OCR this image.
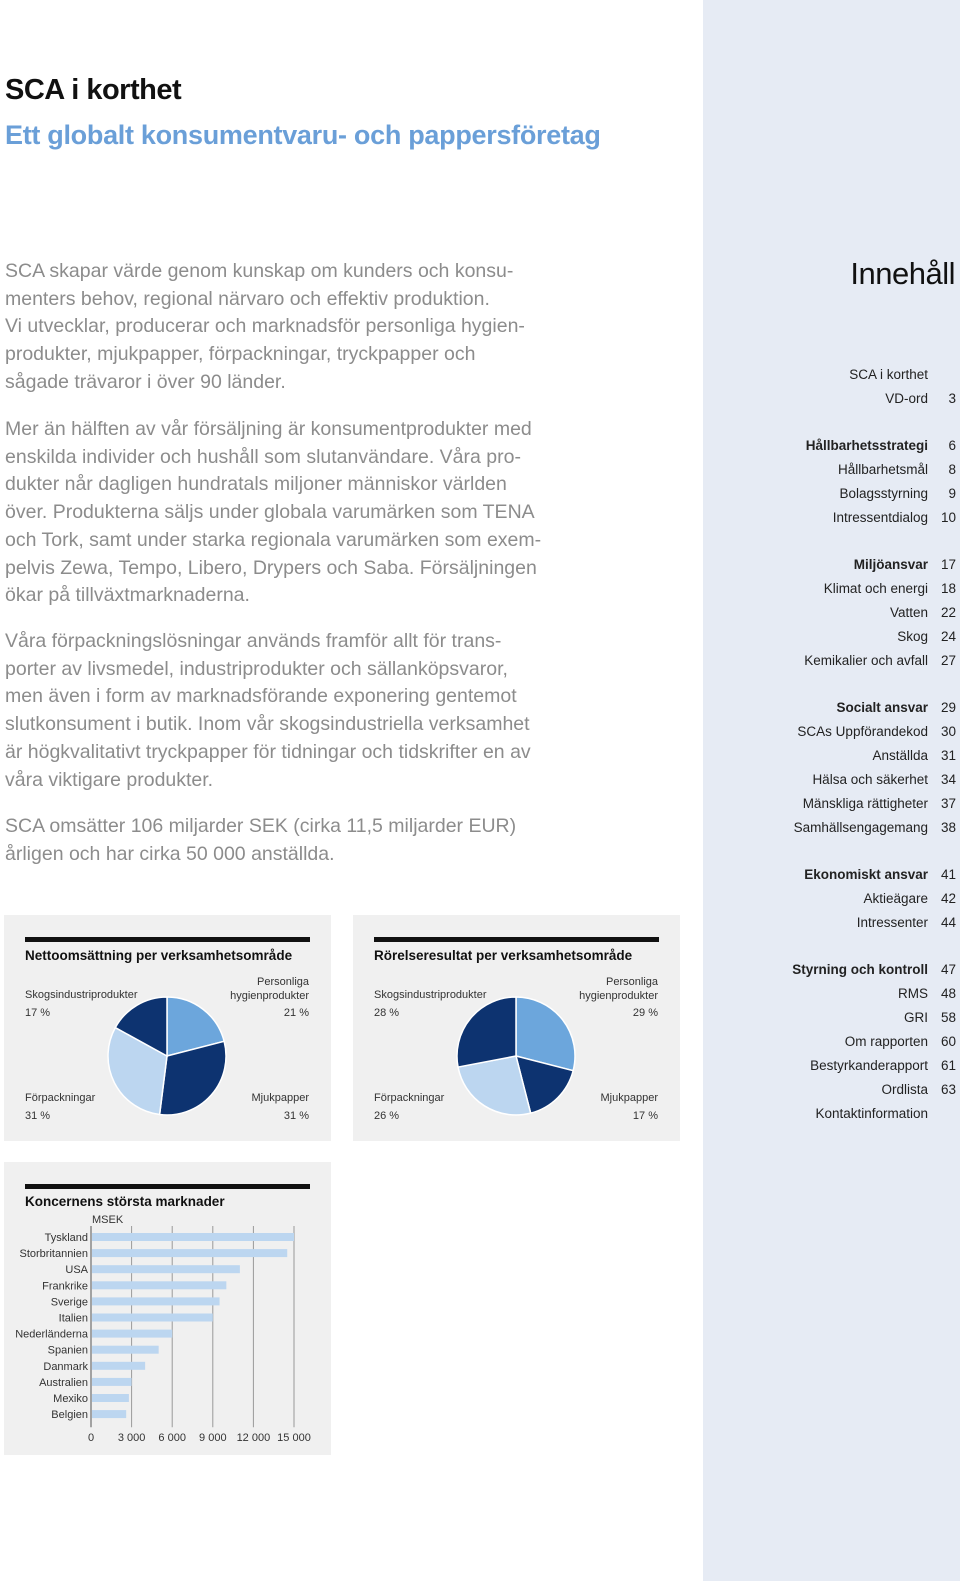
SCA i korthet
Ett globalt konsumentvaru- och pappersföretag

SCA skapar värde genom kunskap om kunders och konsu-

menters behov, regional närvaro och effektiv produktion.

Vi utvecklar, producerar och marknadsför personliga hygien-

produkter, mjukpapper, förpackningar, tryckpapper och

sågade trävaror i över 90 länder.

Mer än hälften av vår försäljning är konsumentprodukter med

enskilda individer och hushåll som slutanvändare. Våra pro-

dukter når dagligen hundratals miljoner människor världen

över. Produkterna säljs under globala varumärken som TENA

och Tork, samt under starka regionala varumärken som exem-

pelvis Zewa, Tempo, Libero, Drypers och Saba. Försäljningen

ökar på tillväxtmarknaderna.

Våra förpackningslösningar används framför allt för trans-

porter av livsmedel, industriprodukter och sällanköpsvaror,

men även i form av marknadsförande exponering gentemot

slutkonsument i butik. Inom vår skogsindustriella verksamhet

är högkvalitativt tryckpapper för tidningar och tidskrifter en av

våra viktigare produkter.

SCA omsätter 106 miljarder SEK (cirka 11,5 miljarder EUR)

årligen och har cirka 50 000 anställda.

Innehåll
SCA i korthet
VD-ord	3
Hållbarhetsstrategi	6
Hållbarhetsmål	8
Bolagsstyrning	9
Intressentdialog 10
Miljöansvar 17
Klimat och energi 18
Vatten 22
Skog 24
Kemikalier och avfall 27
Socialt ansvar 29
SCAs Uppförandekod 30
Anställda 31
Hälsa och säkerhet 34
Mänskliga rättigheter 37
Samhällsengagemang 38
Ekonomiskt ansvar 41
Aktieägare 42
Intressenter 44
Styrning och kontroll 47
RMS 48
GRI 58
Om rapporten 60
Bestyrkanderapport 61
Ordlista 63
Kontaktinformation
Nettoomsättning per verksamhetsområde
Skogsindustriprodukter
17 %
Personliga hygienprodukter
21 %
Förpackningar
31 %
Mjukpapper
31 %
Rörelseresultat per verksamhetsområde
Skogsindustriprodukter
28 %
Personliga hygienprodukter
29 %
Förpackningar
26 %
Mjukpapper
17 %
Koncernens största marknader
0 3 000 6 000 9 000 12 000 15 000
MSEK
Tyskland
Storbritannien
USA
Frankrike
Sverige
Italien
Nederländerna
Spanien
Danmark
Australien
Mexiko
Belgien
